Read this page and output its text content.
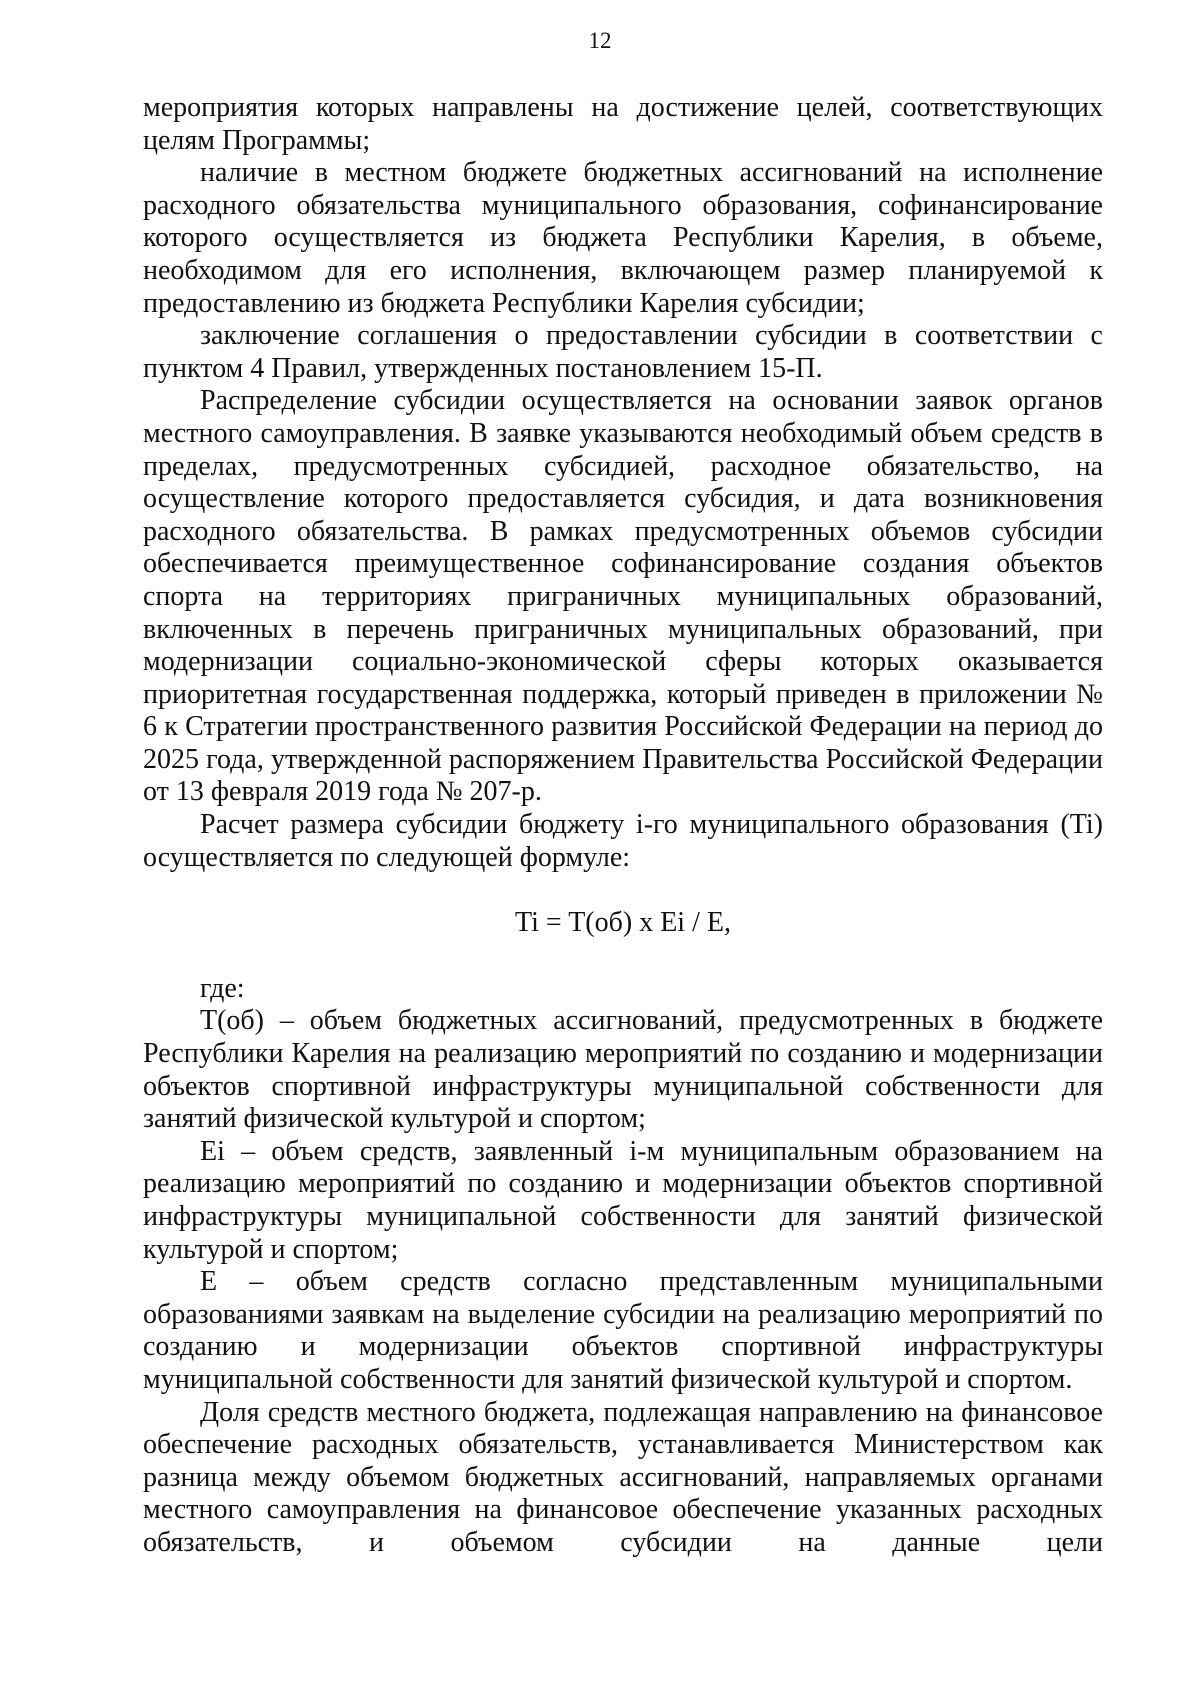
12

мероприятия которых направлены на достижение целей, соответствующих целям Программы;

наличие в местном бюджете бюджетных ассигнований на исполнение расходного обязательства муниципального образования, софинансирование которого осуществляется из бюджета Республики Карелия, в объеме, необходимом для его исполнения, включающем размер планируемой к предоставлению из бюджета Республики Карелия субсидии;

заключение соглашения о предоставлении субсидии в соответствии с пунктом 4 Правил, утвержденных постановлением 15-П.

Распределение субсидии осуществляется на основании заявок органов местного самоуправления. В заявке указываются необходимый объем средств в пределах, предусмотренных субсидией, расходное обязательство, на осуществление которого предоставляется субсидия, и дата возникновения расходного обязательства. В рамках предусмотренных объемов субсидии обеспечивается преимущественное софинансирование создания объектов спорта на территориях приграничных муниципальных образований, включенных в перечень приграничных муниципальных образований, при модернизации социально-экономической сферы которых оказывается приоритетная государственная поддержка, который приведен в приложении № 6 к Стратегии пространственного развития Российской Федерации на период до 2025 года, утвержденной распоряжением Правительства Российской Федерации от 13 февраля 2019 года № 207-р.

Расчет размера субсидии бюджету i-го муниципального образования (Ti) осуществляется по следующей формуле:

Ti = T(об) x Ei / E,

где:

T(об) – объем бюджетных ассигнований, предусмотренных в бюджете Республики Карелия на реализацию мероприятий по созданию и модернизации объектов спортивной инфраструктуры муниципальной собственности для занятий физической культурой и спортом;

Ei – объем средств, заявленный i-м муниципальным образованием на реализацию мероприятий по созданию и модернизации объектов спортивной инфраструктуры муниципальной собственности для занятий физической культурой и спортом;

E – объем средств согласно представленным муниципальными образованиями заявкам на выделение субсидии на реализацию мероприятий по созданию и модернизации объектов спортивной инфраструктуры муниципальной собственности для занятий физической культурой и спортом.

Доля средств местного бюджета, подлежащая направлению на финансовое обеспечение расходных обязательств, устанавливается Министерством как разница между объемом бюджетных ассигнований, направляемых органами местного самоуправления на финансовое обеспечение указанных расходных обязательств, и объемом субсидии на данные цели
